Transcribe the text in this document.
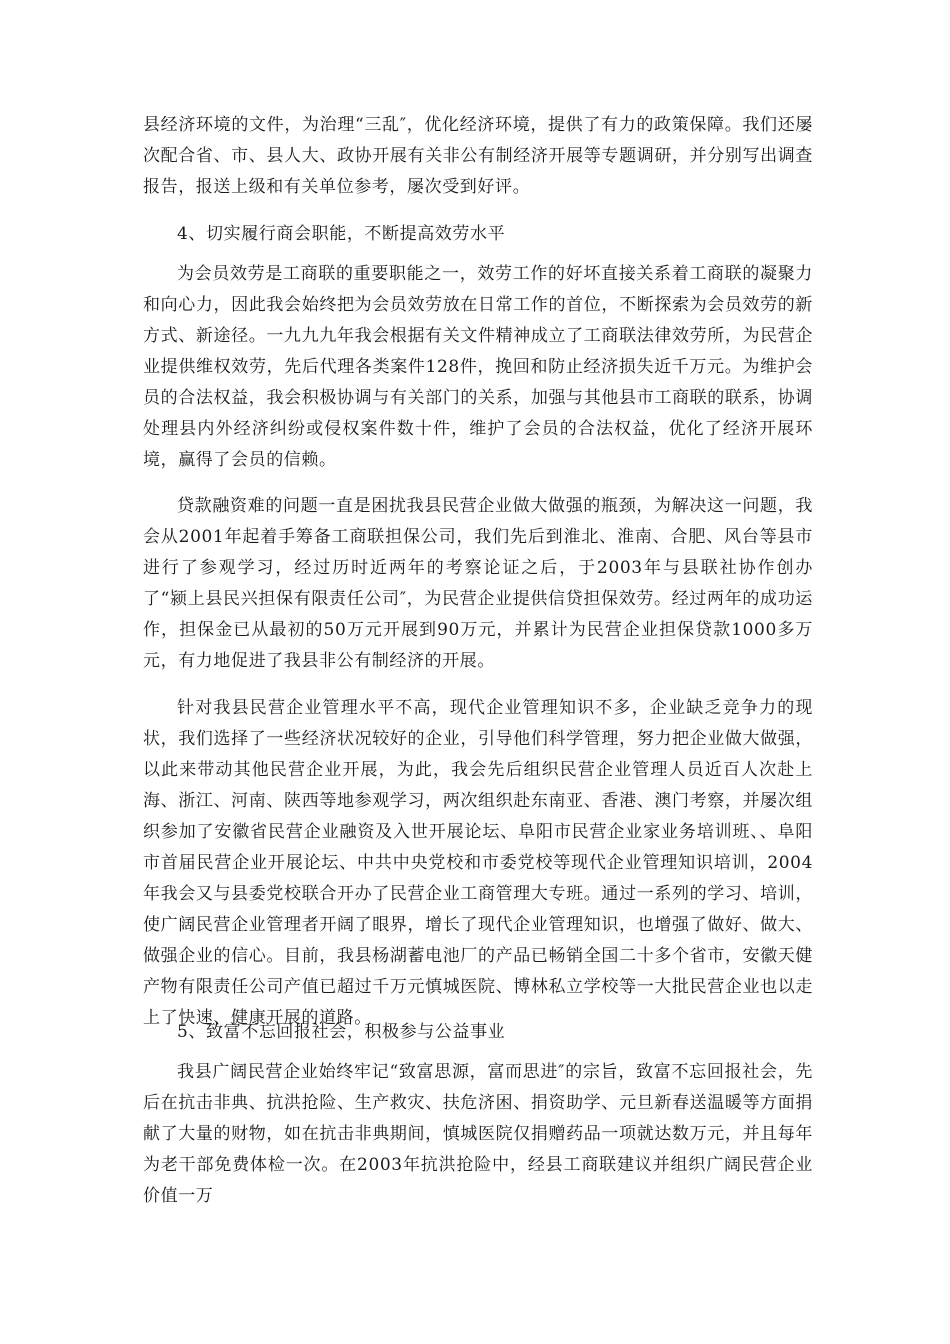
县经济环境的文件，为治理“三乱″，优化经济环境，提供了有力的政策保障。我们还屡次配合省、市、县人大、政协开展有关非公有制经济开展等专题调研，并分别写出调查报告，报送上级和有关单位参考，屡次受到好评。

4、切实履行商会职能，不断提高效劳水平

为会员效劳是工商联的重要职能之一，效劳工作的好坏直接关系着工商联的凝聚力和向心力，因此我会始终把为会员效劳放在日常工作的首位，不断探索为会员效劳的新方式、新途径。一九九九年我会根据有关文件精神成立了工商联法律效劳所，为民营企业提供维权效劳，先后代理各类案件128件，挽回和防止经济损失近千万元。为维护会员的合法权益，我会积极协调与有关部门的关系，加强与其他县市工商联的联系，协调处理县内外经济纠纷或侵权案件数十件，维护了会员的合法权益，优化了经济开展环境，赢得了会员的信赖。

贷款融资难的问题一直是困扰我县民营企业做大做强的瓶颈，为解决这一问题，我会从2001年起着手筹备工商联担保公司，我们先后到淮北、淮南、合肥、风台等县市进行了参观学习，经过历时近两年的考察论证之后，于2003年与县联社协作创办了“颍上县民兴担保有限责任公司″，为民营企业提供信贷担保效劳。经过两年的成功运作，担保金已从最初的50万元开展到90万元，并累计为民营企业担保贷款1000多万元，有力地促进了我县非公有制经济的开展。

针对我县民营企业管理水平不高，现代企业管理知识不多，企业缺乏竞争力的现状，我们选择了一些经济状况较好的企业，引导他们科学管理，努力把企业做大做强，以此来带动其他民营企业开展，为此，我会先后组织民营企业管理人员近百人次赴上海、浙江、河南、陕西等地参观学习，两次组织赴东南亚、香港、澳门考察，并屡次组织参加了安徽省民营企业融资及入世开展论坛、阜阳市民营企业家业务培训班、、阜阳市首届民营企业开展论坛、中共中央党校和市委党校等现代企业管理知识培训，2004年我会又与县委党校联合开办了民营企业工商管理大专班。通过一系列的学习、培训，使广阔民营企业管理者开阔了眼界，增长了现代企业管理知识，也增强了做好、做大、做强企业的信心。目前，我县杨湖蓄电池厂的产品已畅销全国二十多个省市，安徽天健产物有限责任公司产值已超过千万元慎城医院、博林私立学校等一大批民营企业也以走上了快速、健康开展的道路。

5、致富不忘回报社会，积极参与公益事业

我县广阔民营企业始终牢记“致富思源，富而思进″的宗旨，致富不忘回报社会，先后在抗击非典、抗洪抢险、生产救灾、扶危济困、捐资助学、元旦新春送温暖等方面捐献了大量的财物，如在抗击非典期间，慎城医院仅捐赠药品一项就达数万元，并且每年为老干部免费体检一次。在2003年抗洪抢险中，经县工商联建议并组织广阔民营企业价值一万
